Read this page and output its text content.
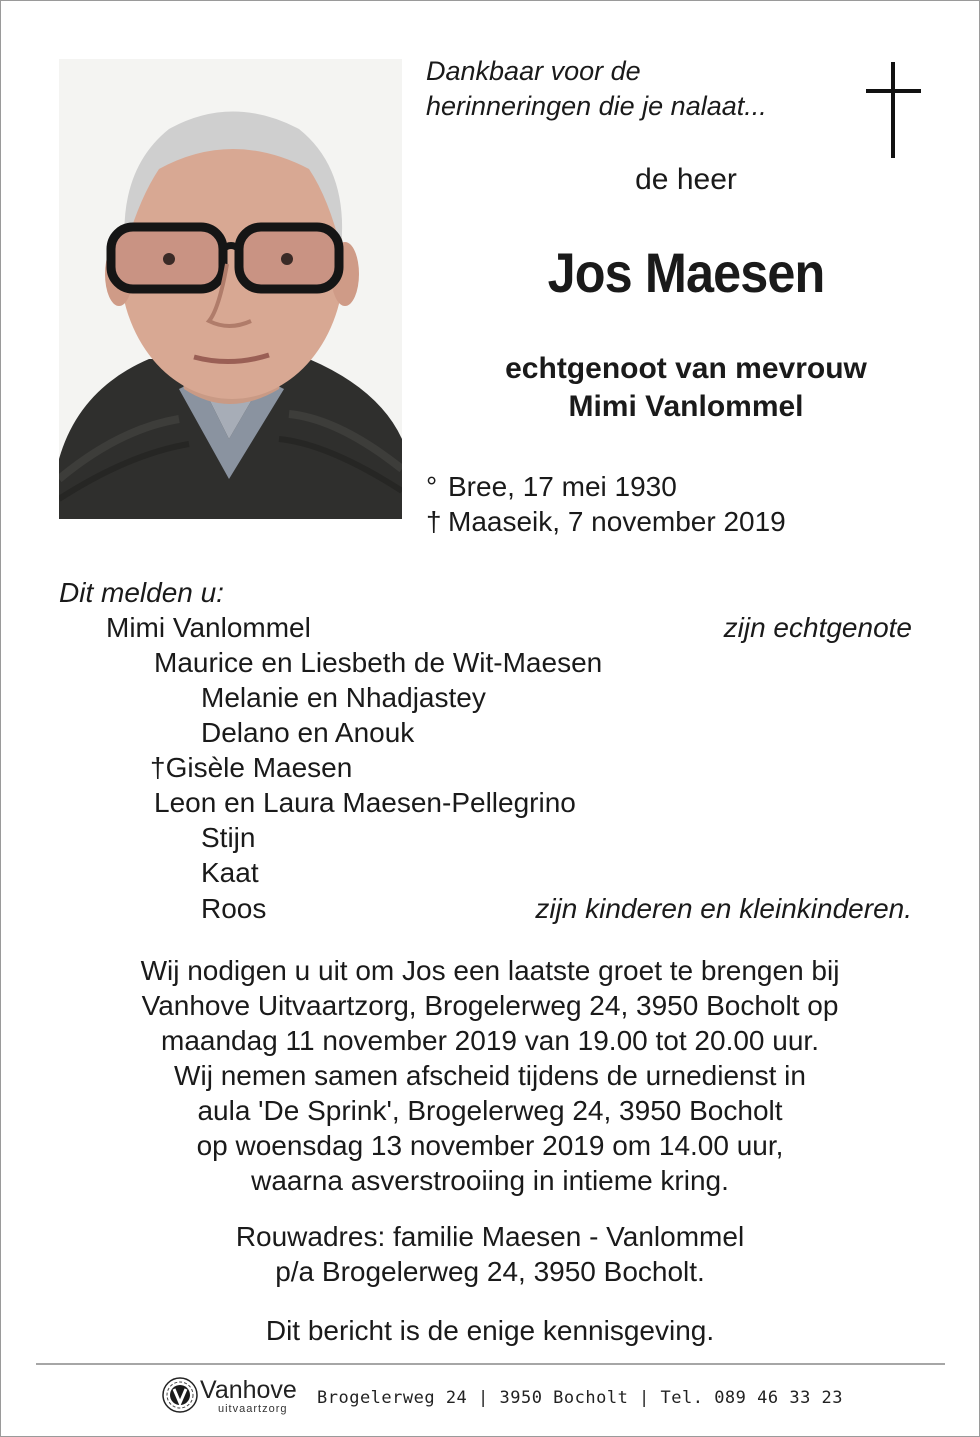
Dankbaar voor de
herinneringen die je nalaat...
de heer
Jos Maesen
echtgenoot van mevrouw
Mimi Vanlommel
° Bree, 17 mei 1930
† Maaseik, 7 november 2019
Dit melden u:
Mimi Vanlommel	zijn echtgenote
Maurice en Liesbeth de Wit-Maesen
Melanie en Nhadjastey
Delano en Anouk
†Gisèle Maesen
Leon en Laura Maesen-Pellegrino
Stijn
Kaat
Roos	zijn kinderen en kleinkinderen.
Wij nodigen u uit om Jos een laatste groet te brengen bij
Vanhove Uitvaartzorg, Brogelerweg 24, 3950 Bocholt op
maandag 11 november 2019 van 19.00 tot 20.00 uur.
Wij nemen samen afscheid tijdens de urnedienst in
aula 'De Sprink', Brogelerweg 24, 3950 Bocholt
op woensdag 13 november 2019 om 14.00 uur,
waarna asverstrooiing in intieme kring.
Rouwadres: familie Maesen - Vanlommel
p/a Brogelerweg 24, 3950 Bocholt.
Dit bericht is de enige kennisgeving.
Vanhove
uitvaartzorg
Brogelerweg 24 | 3950 Bocholt | Tel. 089 46 33 23
